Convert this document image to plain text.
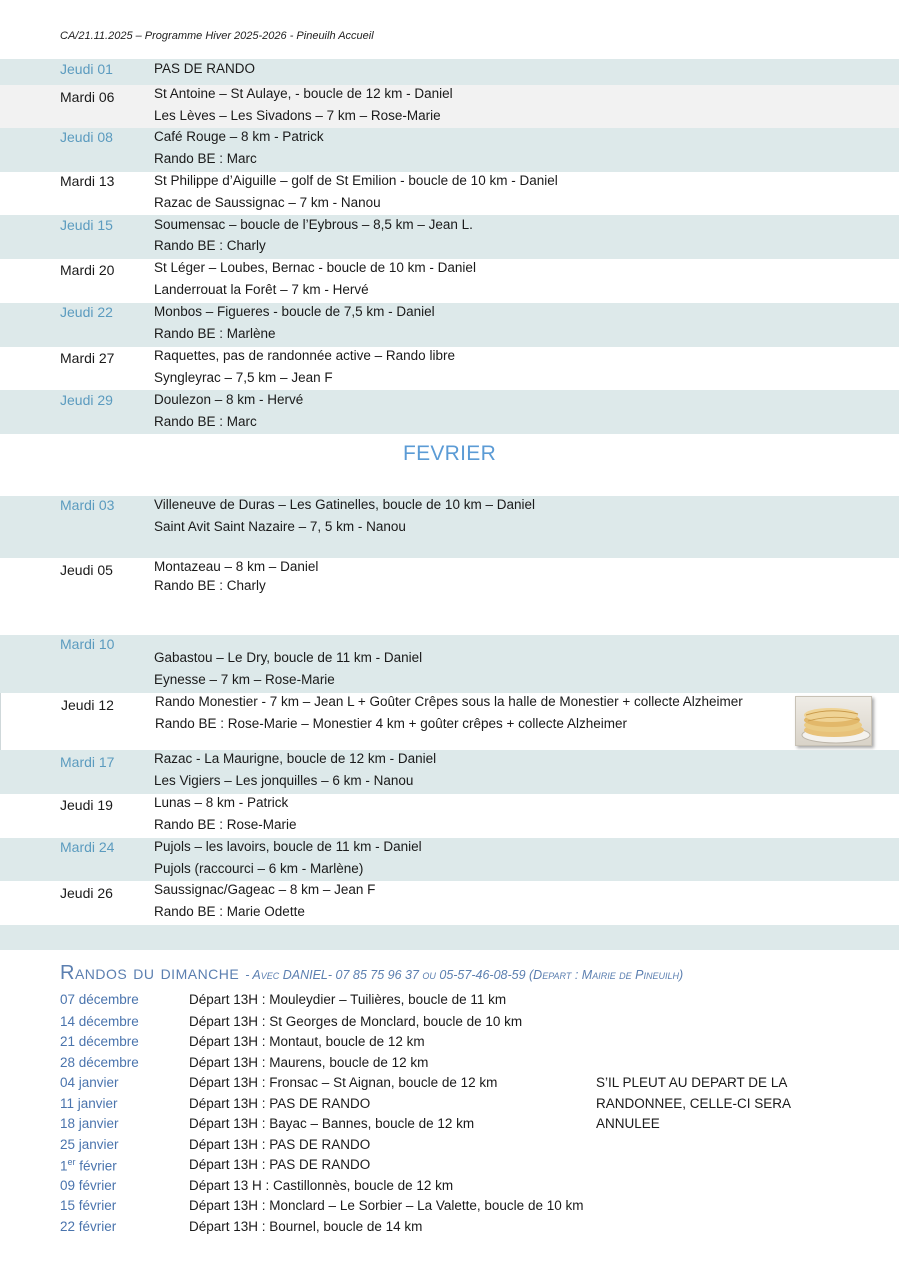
CA/21.11.2025 – Programme Hiver 2025-2026 - Pineuilh Accueil
Jeudi 01	PAS DE RANDO
Mardi 06	St Antoine – St Aulaye, - boucle de 12 km - Daniel
Les Lèves – Les Sivadons – 7 km – Rose-Marie
Jeudi 08	Café Rouge – 8 km - Patrick
Rando BE : Marc
Mardi 13	St Philippe d’Aiguille – golf de St Emilion - boucle de 10 km - Daniel
Razac de Saussignac – 7 km - Nanou
Jeudi 15	Soumensac – boucle de l’Eybrous – 8,5 km – Jean L.
Rando BE : Charly
Mardi 20	St Léger – Loubes, Bernac - boucle de 10 km - Daniel
Landerrouat la Forêt – 7 km - Hervé
Jeudi 22	Monbos – Figueres - boucle de 7,5 km - Daniel
Rando BE : Marlène
Mardi 27	Raquettes, pas de randonnée active – Rando libre
Syngleyrac – 7,5 km – Jean F
Jeudi 29	Doulezon – 8 km - Hervé
Rando BE : Marc
FEVRIER
Mardi 03	Villeneuve de Duras – Les Gatinelles, boucle de 10 km – Daniel
Saint Avit Saint Nazaire – 7, 5 km - Nanou
Jeudi 05	Montazeau – 8 km – Daniel
Rando BE : Charly
Mardi 10
Gabastou – Le Dry, boucle de 11 km - Daniel
Eynesse – 7 km – Rose-Marie
Jeudi 12	Rando Monestier - 7 km – Jean L + Goûter Crêpes sous la halle de Monestier + collecte Alzheimer
Rando BE : Rose-Marie – Monestier 4 km + goûter crêpes + collecte Alzheimer
Mardi 17	Razac - La Maurigne, boucle de 12 km - Daniel
Les Vigiers – Les jonquilles – 6 km - Nanou
Jeudi 19	Lunas – 8 km - Patrick
Rando BE : Rose-Marie
Mardi 24	Pujols – les lavoirs, boucle de 11 km - Daniel
Pujols (raccourci – 6 km - Marlène)
Jeudi 26	Saussignac/Gageac – 8 km – Jean F
Rando BE : Marie Odette
Randos du dimanche - Avec DANIEL- 07 85 75 96 37 ou 05-57-46-08-59 (Depart : Mairie de Pineuilh)
07 décembre	Départ 13H : Mouleydier – Tuilières, boucle de 11 km
14 décembre	Départ 13H : St Georges de Monclard, boucle de 10 km
21 décembre	Départ 13H : Montaut, boucle de 12 km
28 décembre	Départ 13H : Maurens, boucle de 12 km
04 janvier	Départ 13H : Fronsac – St Aignan, boucle de 12 km
11 janvier	Départ 13H : PAS DE RANDO
18 janvier	Départ 13H : Bayac – Bannes, boucle de 12 km
25 janvier	Départ 13H : PAS DE RANDO
1er février	Départ 13H : PAS DE RANDO
09 février	Départ 13 H : Castillonnès, boucle de 12 km
15 février	Départ 13H : Monclard – Le Sorbier – La Valette, boucle de 10 km
22 février	Départ 13H : Bournel, boucle de 14 km
S’IL PLEUT AU DEPART DE LA
RANDONNEE, CELLE-CI SERA
ANNULEE
